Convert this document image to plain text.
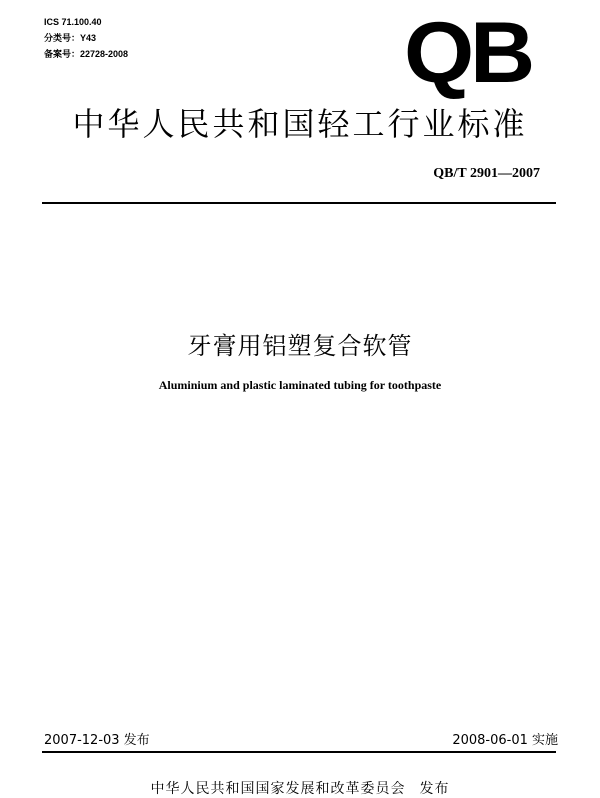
ICS 71.100.40
分类号：Y43
备案号：22728-2008	QB
中华人民共和国轻工行业标准
QB/T 2901—2007
牙膏用铝塑复合软管
Aluminium and plastic laminated tubing for toothpaste
2007-12-03 发布	2008-06-01 实施
中华人民共和国国家发展和改革委员会 发布
